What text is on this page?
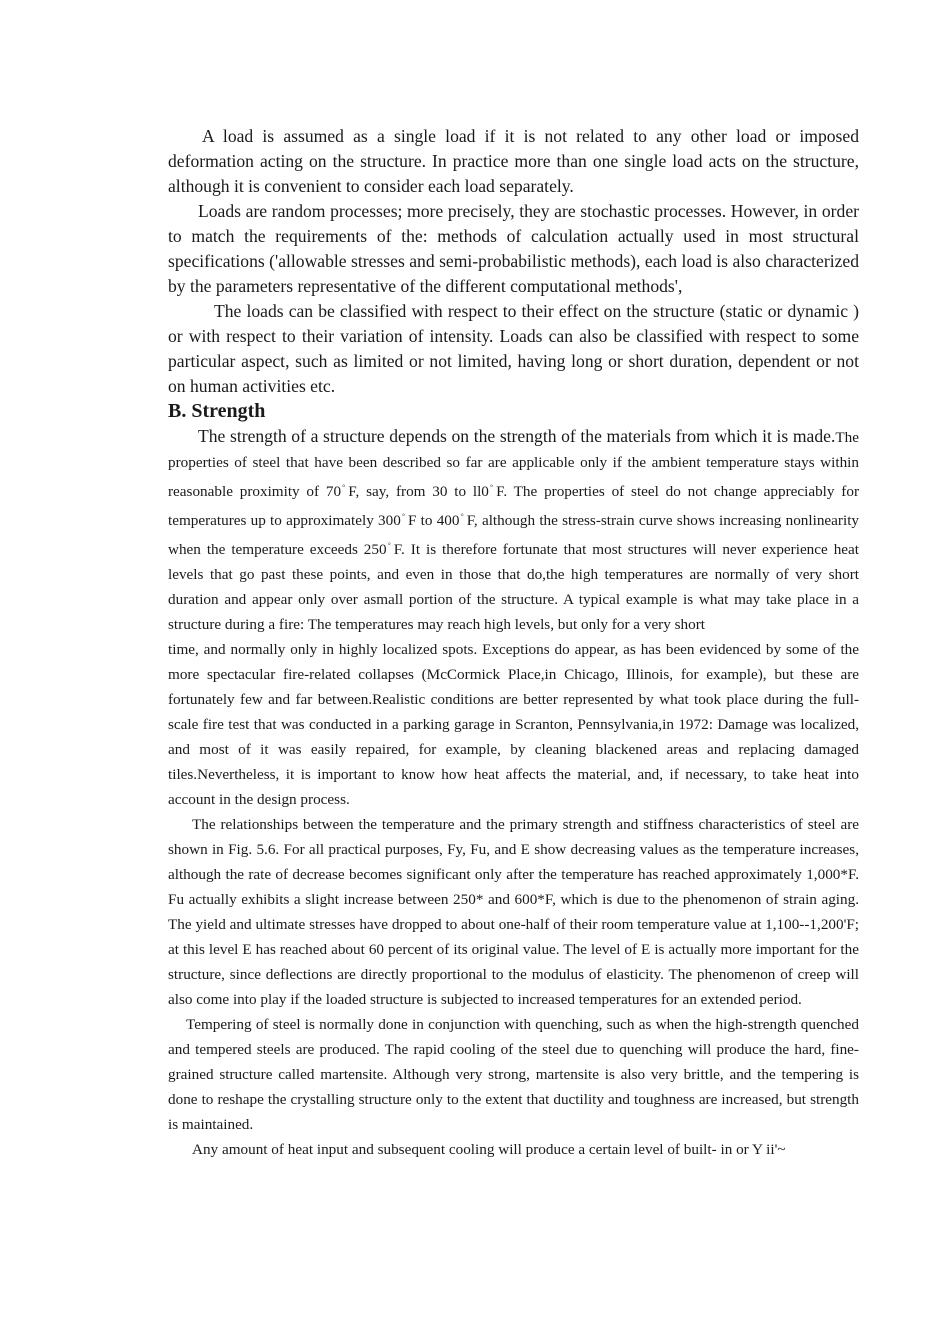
A load is assumed as a single load if it is not related to any other load or imposed deformation acting on the structure. In practice more than one single load acts on the structure, although it is convenient to consider each load separately.

Loads are random processes; more precisely, they are stochastic processes. However, in order to match the requirements of the: methods of calculation actually used in most structural specifications ('allowable stresses and semi-probabilistic methods), each load is also characterized by the parameters representative of the different computational methods',

The loads can be classified with respect to their effect on the structure (static or dynamic ) or with respect to their variation of intensity. Loads can also be classified with respect to some particular aspect, such as limited or not limited, having long or short duration, dependent or not on human activities etc.

B. Strength

The strength of a structure depends on the strength of the materials from which it is made.The properties of steel that have been described so far are applicable only if the ambient temperature stays within reasonable proximity of 70° F, say, from 30 to ll0° F. The properties of steel do not change appreciably for temperatures up to approximately 300° F to 400° F, although the stress-strain curve shows increasing nonlinearity when the temperature exceeds 250° F. It is therefore fortunate that most structures will never experience heat levels that go past these points, and even in those that do,the high temperatures are normally of very short duration and appear only over asmall portion of the structure. A typical example is what may take place in a structure during a fire: The temperatures may reach high levels, but only for a very short

time, and normally only in highly localized spots. Exceptions do appear, as has been evidenced by some of the more spectacular fire-related collapses (McCormick Place,in Chicago, Illinois, for example), but these are fortunately few and far between.Realistic conditions are better represented by what took place during the full-scale fire test that was conducted in a parking garage in Scranton, Pennsylvania,in 1972: Damage was localized, and most of it was easily repaired, for example, by cleaning blackened areas and replacing damaged tiles.Nevertheless, it is important to know how heat affects the material, and, if necessary, to take heat into account in the design process.

The relationships between the temperature and the primary strength and stiffness characteristics of steel are shown in Fig. 5.6. For all practical purposes, Fy, Fu, and E show decreasing values as the temperature increases, although the rate of decrease becomes significant only after the temperature has reached approximately 1,000*F. Fu actually exhibits a slight increase between 250* and 600*F, which is due to the phenomenon of strain aging. The yield and ultimate stresses have dropped to about one-half of their room temperature value at 1,100--1,200'F; at this level E has reached about 60 percent of its original value. The level of E is actually more important for the structure, since deflections are directly proportional to the modulus of elasticity. The phenomenon of creep will also come into play if the loaded structure is subjected to increased temperatures for an extended period.

Tempering of steel is normally done in conjunction with quenching, such as when the high-strength quenched and tempered steels are produced. The rapid cooling of the steel due to quenching will produce the hard, fine-grained structure called martensite. Although very strong, martensite is also very brittle, and the tempering is done to reshape the crystalling structure only to the extent that ductility and toughness are increased, but strength is maintained.

Any amount of heat input and subsequent cooling will produce a certain level of built- in or Y ii'~
